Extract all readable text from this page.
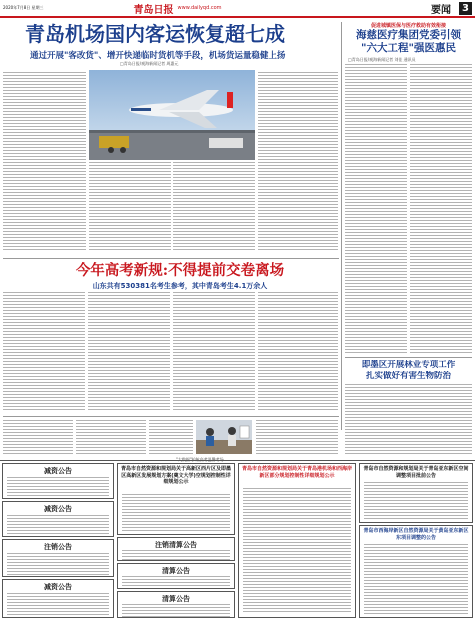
2020年7月8日 星期三	青岛日报 www.dailyqd.com	要闻	3
青岛机场国内客运恢复超七成
通过开展"客改货"、增开快递临时货机等手段，机场货运量稳健上扬
□青岛日报/观海新闻记者 周惠元
促进城镇医保与医疗救助有效衔接
海慈医疗集团党委引领
"六大工程"强医惠民
□青岛日报/观海新闻记者 刘佳 通讯员
今年高考新规:不得提前交卷离场
山东共有530381名考生参考，其中青岛考生4.1万余人
即墨区开展林业专项工作
扎实做好有害生物防治
减资公告
减资公告
注销公告
减资公告
青岛市自然资源和规划局关于高新区西片区及即墨区高新区发展规划方案(奠文大学)空规划控制性详细规划公示
注销清算公告
清算公告
清算公告
青岛市自然资源和规划局关于青岛港机场和西海岸新区部分规划控制性详细规划公示
青岛市自然资源和规划局关于青岛亚东新区空间调整项目批前公告
青岛市西海岸新区自然资源局关于黄岛亚东新区东项目调整的公告
